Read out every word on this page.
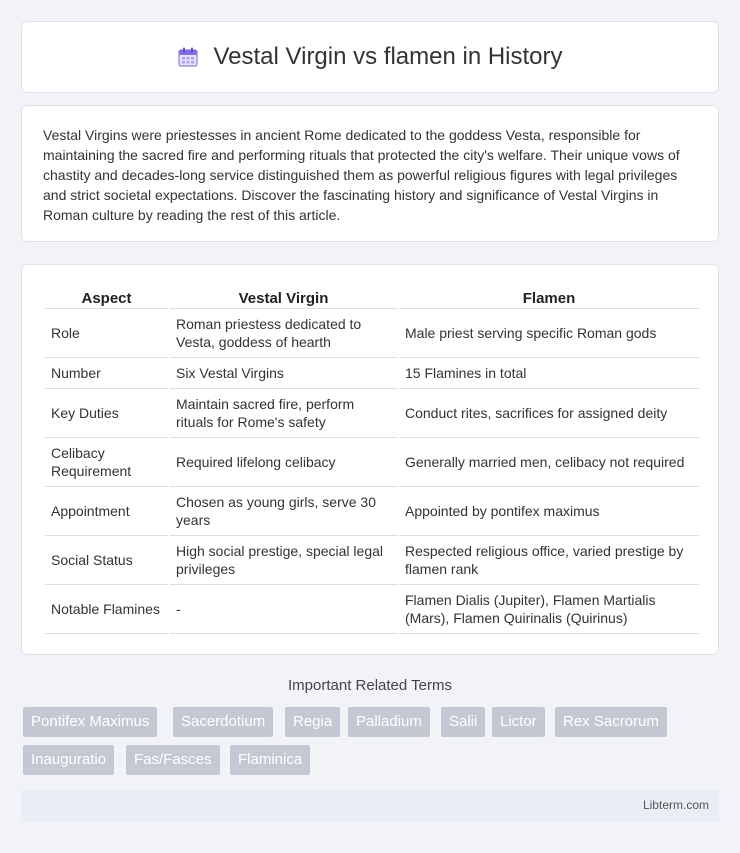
Vestal Virgin vs flamen in History

Vestal Virgins were priestesses in ancient Rome dedicated to the goddess Vesta, responsible for maintaining the sacred fire and performing rituals that protected the city's welfare. Their unique vows of chastity and decades-long service distinguished them as powerful religious figures with legal privileges and strict societal expectations. Discover the fascinating history and significance of Vestal Virgins in Roman culture by reading the rest of this article.

Aspect	Vestal Virgin	Flamen
Role	Roman priestess dedicated to Vesta, goddess of hearth	Male priest serving specific Roman gods
Number	Six Vestal Virgins	15 Flamines in total
Key Duties	Maintain sacred fire, perform rituals for Rome's safety	Conduct rites, sacrifices for assigned deity
Celibacy Requirement	Required lifelong celibacy	Generally married men, celibacy not required
Appointment	Chosen as young girls, serve 30 years	Appointed by pontifex maximus
Social Status	High social prestige, special legal privileges	Respected religious office, varied prestige by flamen rank
Notable Flamines	-	Flamen Dialis (Jupiter), Flamen Martialis (Mars), Flamen Quirinalis (Quirinus)
Important Related Terms
Pontifex Maximus	Sacerdotium	Regia	Palladium	Salii	Lictor	Rex Sacrorum
Inauguratio	Fas/Fasces	Flaminica
Libterm.com
